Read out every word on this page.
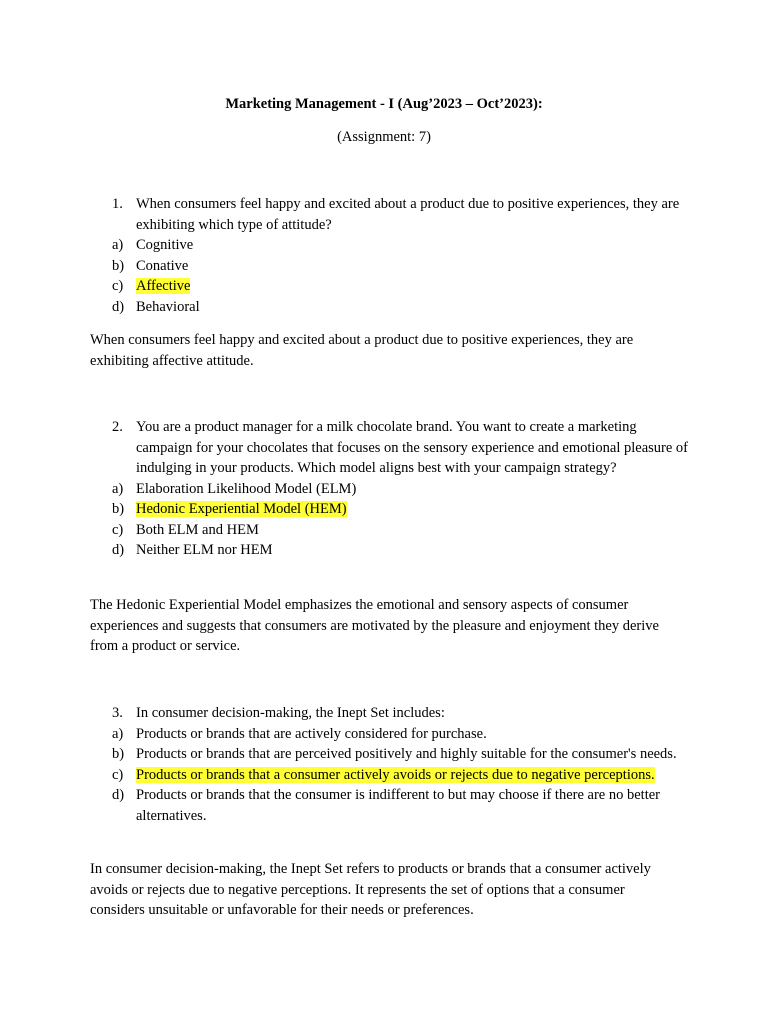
Marketing Management - I (Aug’2023 – Oct’2023):
(Assignment: 7)
1. When consumers feel happy and excited about a product due to positive experiences, they are exhibiting which type of attitude?
a) Cognitive
b) Conative
c) Affective
d) Behavioral
When consumers feel happy and excited about a product due to positive experiences, they are exhibiting affective attitude.
2. You are a product manager for a milk chocolate brand. You want to create a marketing campaign for your chocolates that focuses on the sensory experience and emotional pleasure of indulging in your products. Which model aligns best with your campaign strategy?
a) Elaboration Likelihood Model (ELM)
b) Hedonic Experiential Model (HEM)
c) Both ELM and HEM
d) Neither ELM nor HEM
The Hedonic Experiential Model emphasizes the emotional and sensory aspects of consumer experiences and suggests that consumers are motivated by the pleasure and enjoyment they derive from a product or service.
3. In consumer decision-making, the Inept Set includes:
a) Products or brands that are actively considered for purchase.
b) Products or brands that are perceived positively and highly suitable for the consumer's needs.
c) Products or brands that a consumer actively avoids or rejects due to negative perceptions.
d) Products or brands that the consumer is indifferent to but may choose if there are no better alternatives.
In consumer decision-making, the Inept Set refers to products or brands that a consumer actively avoids or rejects due to negative perceptions. It represents the set of options that a consumer considers unsuitable or unfavorable for their needs or preferences.
